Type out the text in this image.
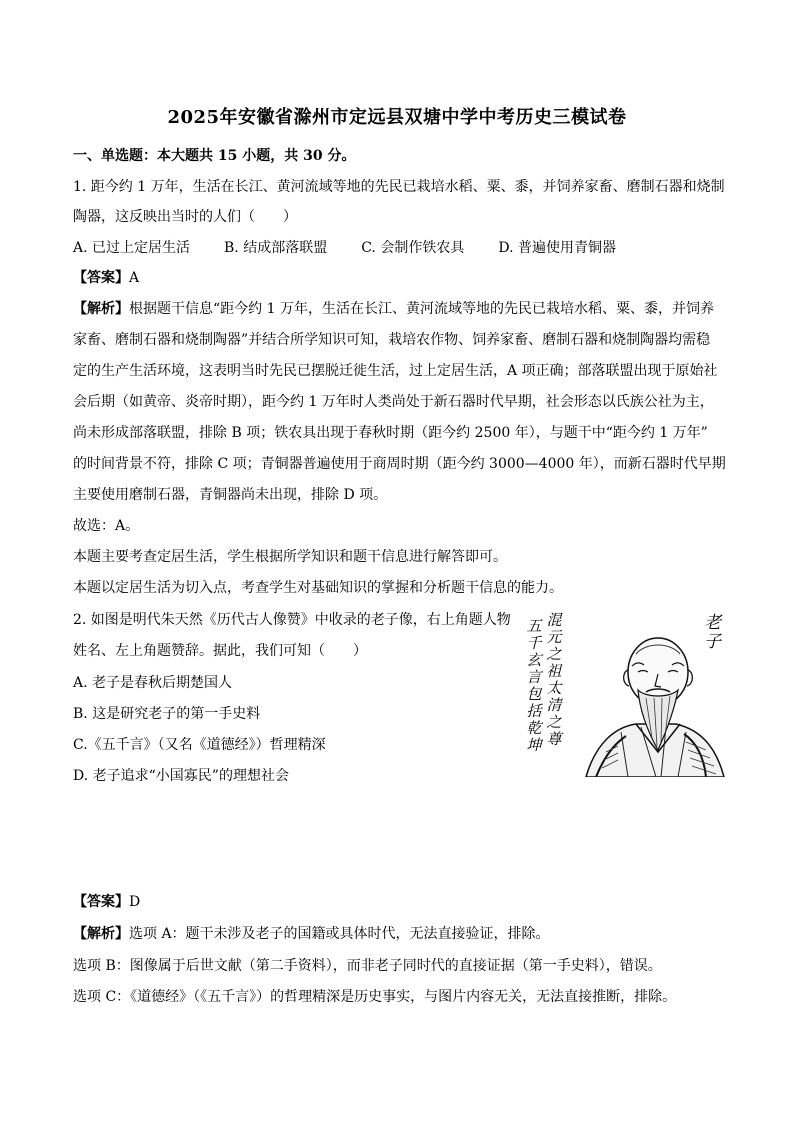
2025年安徽省滁州市定远县双塘中学中考历史三模试卷
一、单选题：本大题共 15 小题，共 30 分。
1. 距今约 1 万年，生活在长江、黄河流域等地的先民已栽培水稻、粟、黍，并饲养家畜、磨制石器和烧制
陶器，这反映出当时的人们（　　）
A. 已过上定居生活 B. 结成部落联盟 C. 会制作铁农具 D. 普遍使用青铜器
【答案】A
【解析】根据题干信息“距今约 1 万年，生活在长江、黄河流域等地的先民已栽培水稻、粟、黍，并饲养
家畜、磨制石器和烧制陶器”并结合所学知识可知，栽培农作物、饲养家畜、磨制石器和烧制陶器均需稳
定的生产生活环境，这表明当时先民已摆脱迁徙生活，过上定居生活，A 项正确；部落联盟出现于原始社
会后期（如黄帝、炎帝时期），距今约 1 万年时人类尚处于新石器时代早期，社会形态以氏族公社为主，
尚未形成部落联盟，排除 B 项；铁农具出现于春秋时期（距今约 2500 年），与题干中“距今约 1 万年”
的时间背景不符，排除 C 项；青铜器普遍使用于商周时期（距今约 3000—4000 年），而新石器时代早期
主要使用磨制石器，青铜器尚未出现，排除 D 项。
故选：A。
本题主要考查定居生活，学生根据所学知识和题干信息进行解答即可。
本题以定居生活为切入点，考查学生对基础知识的掌握和分析题干信息的能力。
2. 如图是明代朱天然《历代古人像赞》中收录的老子像，右上角题人物
姓名、左上角题赞辞。据此，我们可知（　　）
A. 老子是春秋后期楚国人
B. 这是研究老子的第一手史料
C.《五千言》（又名《道德经》）哲理精深
D. 老子追求“小国寡民”的理想社会
五千玄言包括乾坤
混元之祖太清之尊
老子
【答案】D
【解析】选项 A：题干未涉及老子的国籍或具体时代，无法直接验证，排除。
选项 B：图像属于后世文献（第二手资料），而非老子同时代的直接证据（第一手史料），错误。
选项 C：《道德经》（《五千言》）的哲理精深是历史事实，与图片内容无关，无法直接推断，排除。
